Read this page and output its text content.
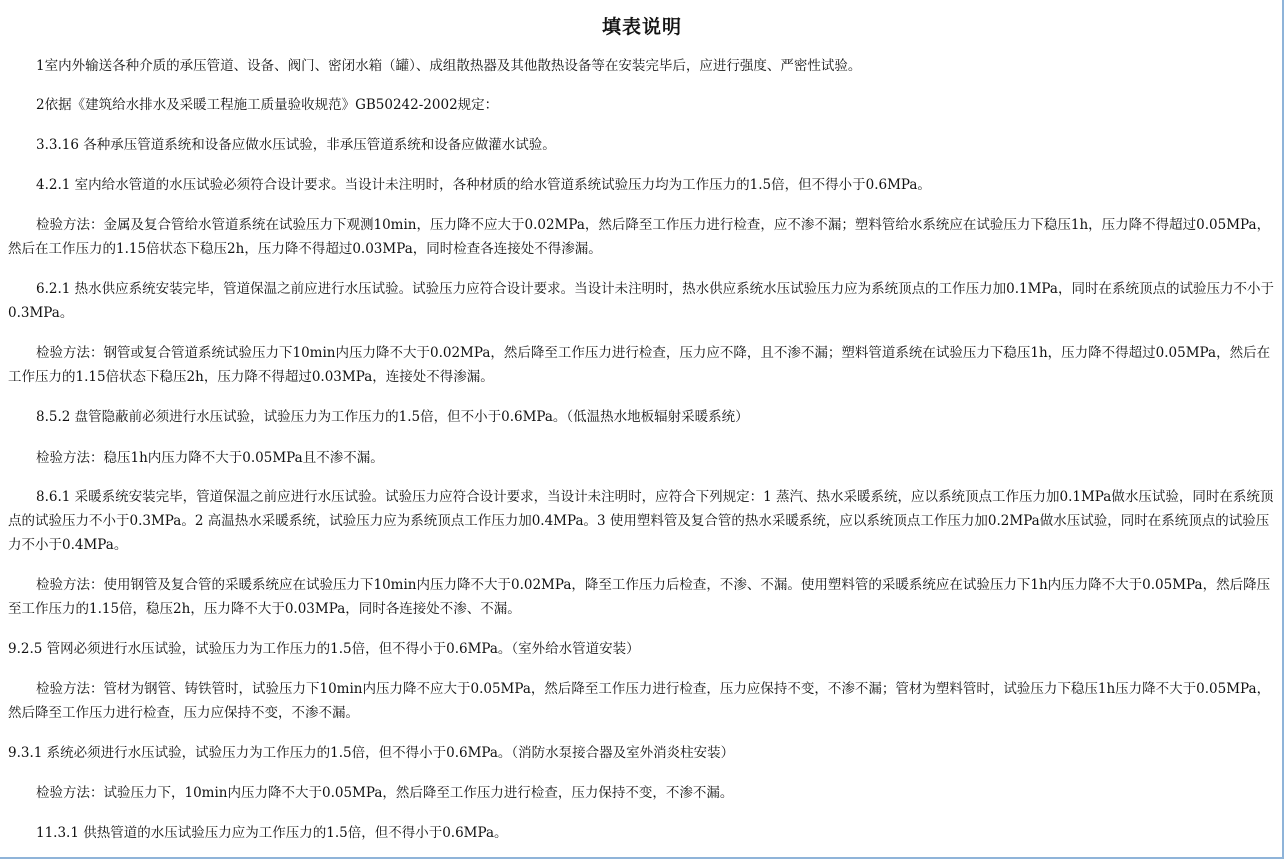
填表说明
1室内外输送各种介质的承压管道、设备、阀门、密闭水箱（罐）、成组散热器及其他散热设备等在安装完毕后，应进行强度、严密性试验。
2依据《建筑给水排水及采暖工程施工质量验收规范》GB50242-2002规定：
3.3.16 各种承压管道系统和设备应做水压试验，非承压管道系统和设备应做灌水试验。
4.2.1 室内给水管道的水压试验必须符合设计要求。当设计未注明时，各种材质的给水管道系统试验压力均为工作压力的1.5倍，但不得小于0.6MPa。
检验方法：金属及复合管给水管道系统在试验压力下观测10min，压力降不应大于0.02MPa，然后降至工作压力进行检查，应不渗不漏；塑料管给水系统应在试验压力下稳压1h，压力降不得超过0.05MPa，然后在工作压力的1.15倍状态下稳压2h，压力降不得超过0.03MPa，同时检查各连接处不得渗漏。
6.2.1 热水供应系统安装完毕，管道保温之前应进行水压试验。试验压力应符合设计要求。当设计未注明时，热水供应系统水压试验压力应为系统顶点的工作压力加0.1MPa，同时在系统顶点的试验压力不小于0.3MPa。
检验方法：钢管或复合管道系统试验压力下10min内压力降不大于0.02MPa，然后降至工作压力进行检查，压力应不降，且不渗不漏；塑料管道系统在试验压力下稳压1h，压力降不得超过0.05MPa，然后在工作压力的1.15倍状态下稳压2h，压力降不得超过0.03MPa，连接处不得渗漏。
8.5.2 盘管隐蔽前必须进行水压试验，试验压力为工作压力的1.5倍，但不小于0.6MPa。（低温热水地板辐射采暖系统）
检验方法：稳压1h内压力降不大于0.05MPa且不渗不漏。
8.6.1 采暖系统安装完毕，管道保温之前应进行水压试验。试验压力应符合设计要求，当设计未注明时，应符合下列规定：1 蒸汽、热水采暖系统，应以系统顶点工作压力加0.1MPa做水压试验，同时在系统顶点的试验压力不小于0.3MPa。2 高温热水采暖系统，试验压力应为系统顶点工作压力加0.4MPa。3 使用塑料管及复合管的热水采暖系统，应以系统顶点工作压力加0.2MPa做水压试验，同时在系统顶点的试验压力不小于0.4MPa。
检验方法：使用钢管及复合管的采暖系统应在试验压力下10min内压力降不大于0.02MPa，降至工作压力后检查，不渗、不漏。使用塑料管的采暖系统应在试验压力下1h内压力降不大于0.05MPa，然后降压至工作压力的1.15倍，稳压2h，压力降不大于0.03MPa，同时各连接处不渗、不漏。
9.2.5 管网必须进行水压试验，试验压力为工作压力的1.5倍，但不得小于0.6MPa。（室外给水管道安装）
检验方法：管材为钢管、铸铁管时，试验压力下10min内压力降不应大于0.05MPa，然后降至工作压力进行检查，压力应保持不变，不渗不漏；管材为塑料管时，试验压力下稳压1h压力降不大于0.05MPa，然后降至工作压力进行检查，压力应保持不变，不渗不漏。
9.3.1 系统必须进行水压试验，试验压力为工作压力的1.5倍，但不得小于0.6MPa。（消防水泵接合器及室外消炎柱安装）
检验方法：试验压力下，10min内压力降不大于0.05MPa，然后降至工作压力进行检查，压力保持不变，不渗不漏。
11.3.1 供热管道的水压试验压力应为工作压力的1.5倍，但不得小于0.6MPa。
